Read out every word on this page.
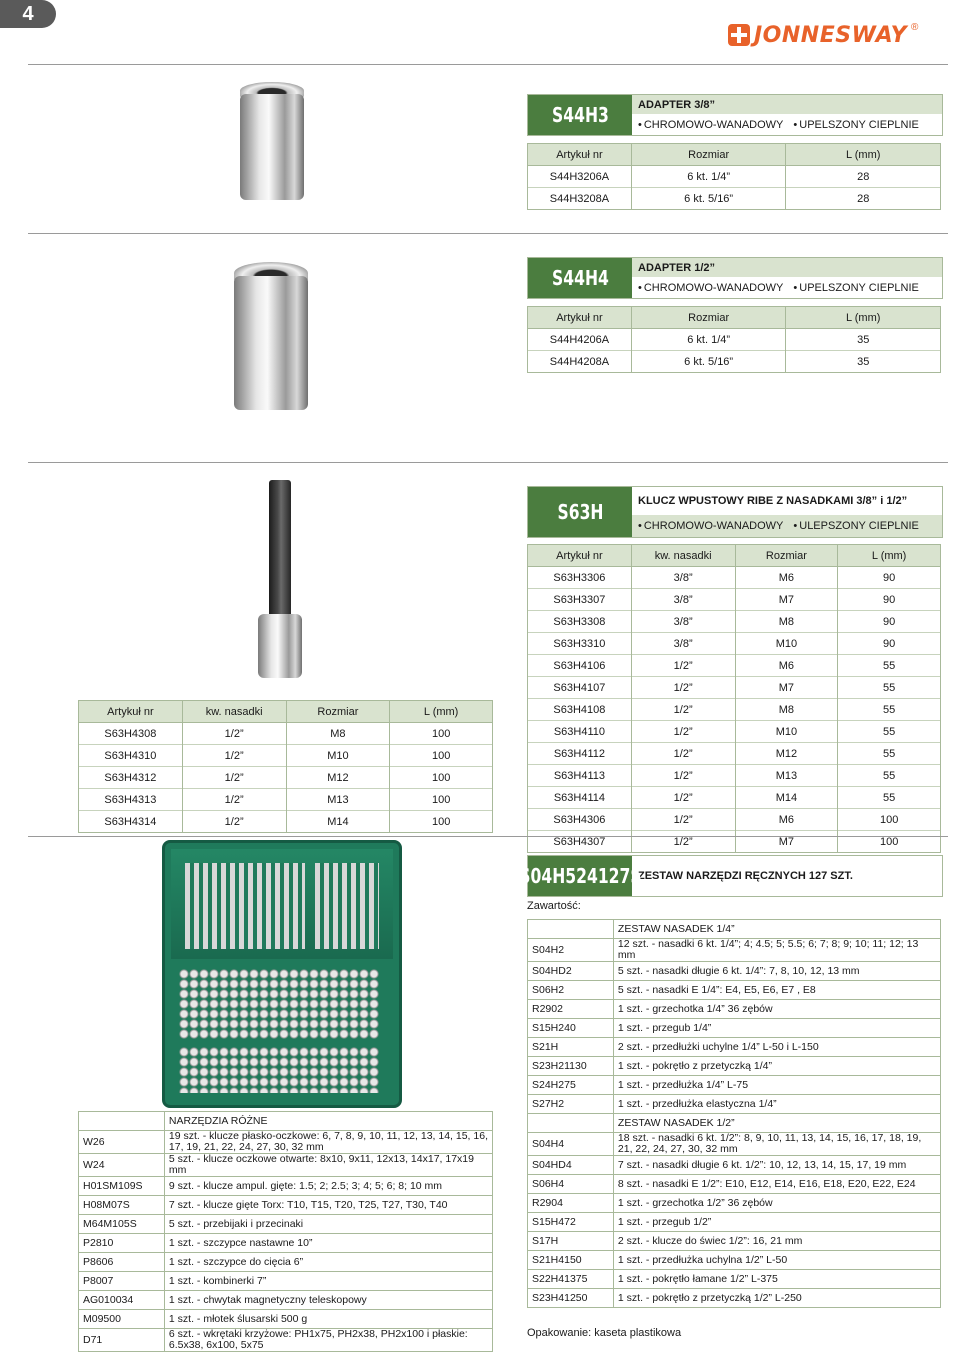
4
JONNESWAY ®
S44H3	ADAPTER 3/8”
• CHROMOWO-WANADOWY	• UPELSZONY CIEPLNIE
Artykuł nr	Rozmiar	L (mm)
S44H3206A	6 kt. 1/4”	28
S44H3208A	6 kt. 5/16”	28
S44H4	ADAPTER 1/2”
• CHROMOWO-WANADOWY	• UPELSZONY CIEPLNIE
Artykuł nr	Rozmiar	L (mm)
S44H4206A	6 kt. 1/4”	35
S44H4208A	6 kt. 5/16”	35
S63H	KLUCZ WPUSTOWY RIBE Z NASADKAMI 3/8” i 1/2”
• CHROMOWO-WANADOWY	• ULEPSZONY CIEPLNIE
Artykuł nr	kw. nasadki	Rozmiar	L (mm)
S63H3306	3/8”	M6	90
S63H3307	3/8”	M7	90
S63H3308	3/8”	M8	90
S63H3310	3/8”	M10	90
S63H4106	1/2”	M6	55
S63H4107	1/2”	M7	55
S63H4108	1/2”	M8	55
S63H4110	1/2”	M10	55
S63H4112	1/2”	M12	55
S63H4113	1/2”	M13	55
S63H4114	1/2”	M14	55
S63H4306	1/2”	M6	100
S63H4307	1/2”	M7	100
Artykuł nr	kw. nasadki	Rozmiar	L (mm)
S63H4308	1/2”	M8	100
S63H4310	1/2”	M10	100
S63H4312	1/2”	M12	100
S63H4313	1/2”	M13	100
S63H4314	1/2”	M14	100
S04H524127S
ZESTAW NARZĘDZI RĘCZNYCH 127 SZT.
Zawartość:
	ZESTAW NASADEK 1/4”
S04H2	12 szt. - nasadki 6 kt. 1/4”; 4; 4.5; 5; 5.5; 6; 7; 8; 9; 10; 11; 12; 13 mm
S04HD2	5 szt. - nasadki długie 6 kt. 1/4”: 7, 8, 10, 12, 13 mm
S06H2	5 szt. - nasadki E 1/4”: E4, E5, E6, E7 , E8
R2902	1 szt. - grzechotka 1/4” 36 zębów
S15H240	1 szt. - przegub 1/4”
S21H	2 szt. - przedłużki uchylne 1/4” L-50 i L-150
S23H21130	1 szt. - pokrętło z przetyczką 1/4”
S24H275	1 szt. - przedłużka 1/4” L-75
S27H2	1 szt. - przedłużka elastyczna 1/4”
	ZESTAW NASADEK 1/2”
S04H4	18 szt. - nasadki 6 kt. 1/2”: 8, 9, 10, 11, 13, 14, 15, 16, 17, 18, 19, 21, 22, 24, 27, 30, 32 mm
S04HD4	7 szt. - nasadki długie 6 kt. 1/2”: 10, 12, 13, 14, 15, 17, 19 mm
S06H4	8 szt. - nasadki E 1/2”: E10, E12, E14, E16, E18, E20, E22, E24
R2904	1 szt. - grzechotka 1/2” 36 zębów
S15H472	1 szt. - przegub 1/2”
S17H	2 szt. - klucze do świec 1/2”: 16, 21 mm
S21H4150	1 szt. - przedłużka uchylna 1/2” L-50
S22H41375	1 szt. - pokrętło łamane 1/2” L-375
S23H41250	1 szt. - pokrętło z przetyczką 1/2” L-250
Opakowanie: kaseta plastikowa
	NARZĘDZIA RÓŻNE
W26	19 szt. - klucze płasko-oczkowe: 6, 7, 8, 9, 10, 11, 12, 13, 14, 15, 16, 17, 19, 21, 22, 24, 27, 30, 32 mm
W24	5 szt. - klucze oczkowe otwarte: 8x10, 9x11, 12x13, 14x17, 17x19 mm
H01SM109S	9 szt. - klucze ampul. gięte: 1.5; 2; 2.5; 3; 4; 5; 6; 8; 10 mm
H08M07S	7 szt. - klucze gięte Torx: T10, T15, T20, T25, T27, T30, T40
M64M105S	5 szt. - przebijaki i przecinaki
P2810	1 szt. - szczypce nastawne 10”
P8606	1 szt. - szczypce do cięcia 6”
P8007	1 szt. - kombinerki 7”
AG010034	1 szt. - chwytak magnetyczny teleskopowy
M09500	1 szt. - młotek ślusarski 500 g
D71	6 szt. - wkrętaki krzyżowe: PH1x75, PH2x38, PH2x100 i płaskie: 6.5x38, 6x100, 5x75
